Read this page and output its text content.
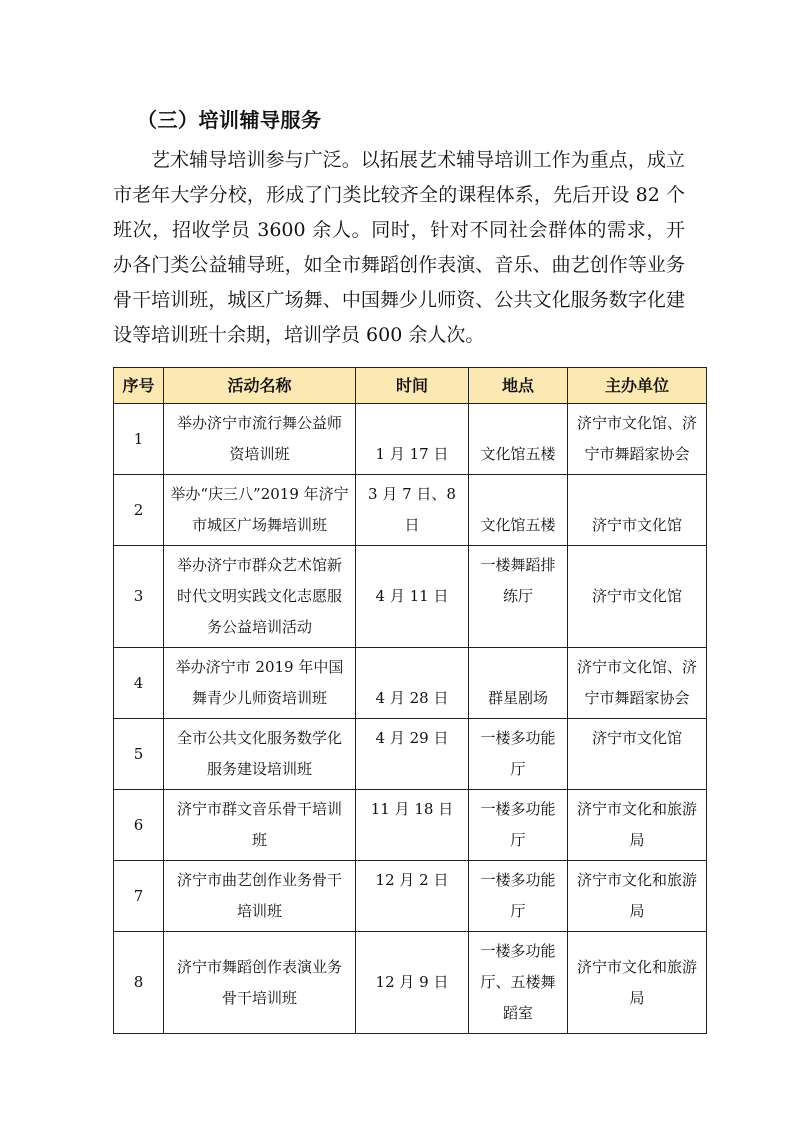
（三）培训辅导服务

艺术辅导培训参与广泛。以拓展艺术辅导培训工作为重点，成立市老年大学分校，形成了门类比较齐全的课程体系，先后开设 82 个班次，招收学员 3600 余人。同时，针对不同社会群体的需求，开办各门类公益辅导班，如全市舞蹈创作表演、音乐、曲艺创作等业务骨干培训班，城区广场舞、中国舞少儿师资、公共文化服务数字化建设等培训班十余期，培训学员 600 余人次。

序号	活动名称	时间	地点	主办单位
1	举办济宁市流行舞公益师资培训班	1 月 17 日	文化馆五楼	济宁市文化馆、济宁市舞蹈家协会
2	举办“庆三八”2019 年济宁市城区广场舞培训班	3 月 7 日、8 日	文化馆五楼	济宁市文化馆
3	举办济宁市群众艺术馆新时代文明实践文化志愿服务公益培训活动	4 月 11 日	一楼舞蹈排练厅	济宁市文化馆
4	举办济宁市 2019 年中国舞青少儿师资培训班	4 月 28 日	群星剧场	济宁市文化馆、济宁市舞蹈家协会
5	全市公共文化服务数学化服务建设培训班	4 月 29 日	一楼多功能厅	济宁市文化馆
6	济宁市群文音乐骨干培训班	11 月 18 日	一楼多功能厅	济宁市文化和旅游局
7	济宁市曲艺创作业务骨干培训班	12 月 2 日	一楼多功能厅	济宁市文化和旅游局
8	济宁市舞蹈创作表演业务骨干培训班	12 月 9 日	一楼多功能厅、五楼舞蹈室	济宁市文化和旅游局
